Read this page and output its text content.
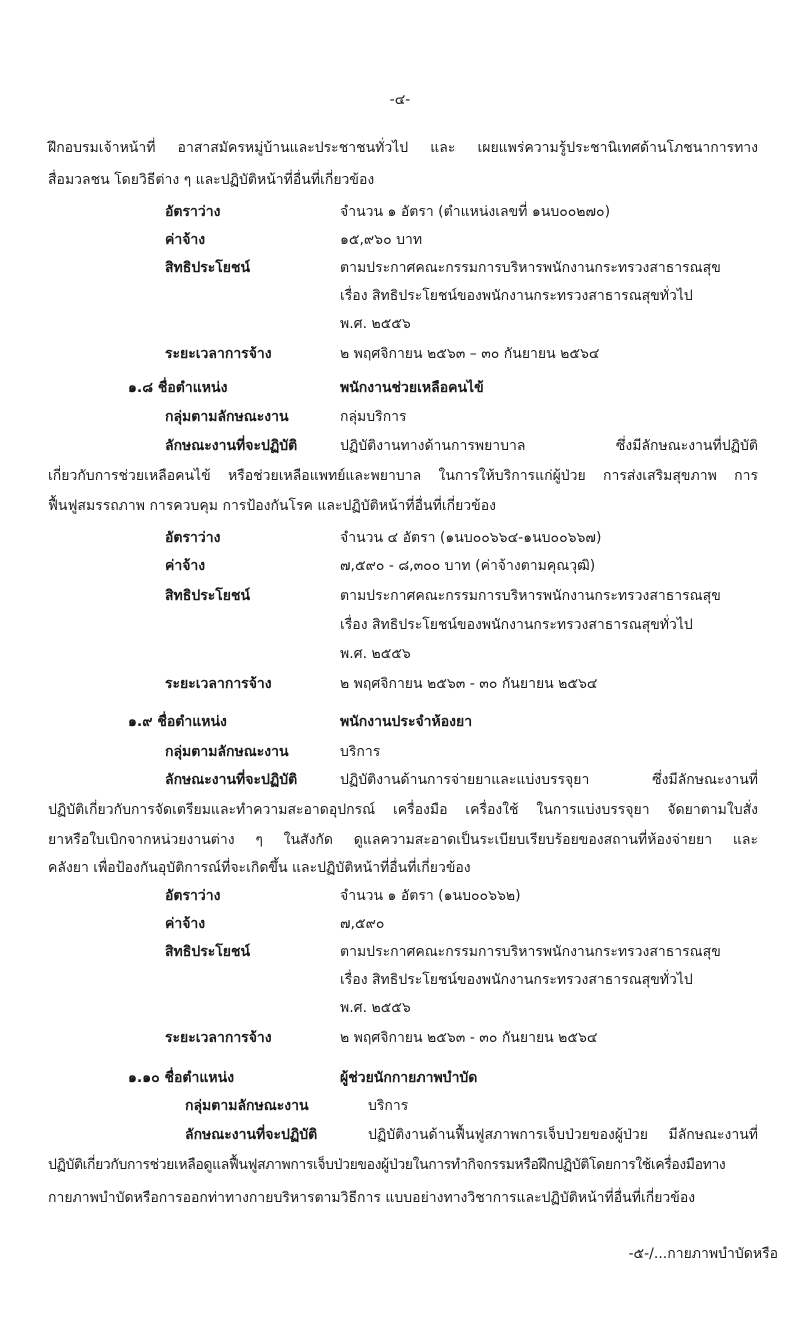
-๔-
ฝึกอบรมเจ้าหน้าที่ อาสาสมัครหมู่บ้านและประชาชนทั่วไป และ เผยแพร่ความรู้ประชานิเทศด้านโภชนาการทาง
สื่อมวลชน โดยวิธีต่าง ๆ และปฏิบัติหน้าที่อื่นที่เกี่ยวข้อง
อัตราว่าง	จำนวน ๑ อัตรา (ตำแหน่งเลขที่ ๑นบ๐๐๒๗๐)
ค่าจ้าง	๑๕,๙๖๐ บาท
สิทธิประโยชน์	ตามประกาศคณะกรรมการบริหารพนักงานกระทรวงสาธารณสุข
เรื่อง สิทธิประโยชน์ของพนักงานกระทรวงสาธารณสุขทั่วไป
พ.ศ. ๒๕๕๖
ระยะเวลาการจ้าง	๒ พฤศจิกายน ๒๕๖๓ – ๓๐ กันยายน ๒๕๖๔
๑.๘ ชื่อตำแหน่ง	พนักงานช่วยเหลือคนไข้
กลุ่มตามลักษณะงาน	กลุ่มบริการ
ลักษณะงานที่จะปฏิบัติ	ปฏิบัติงานทางด้านการพยาบาล ซึ่งมีลักษณะงานที่ปฏิบัติ
เกี่ยวกับการช่วยเหลือคนไข้ หรือช่วยเหลือแพทย์และพยาบาล ในการให้บริการแก่ผู้ป่วย การส่งเสริมสุขภาพ การ
ฟื้นฟูสมรรถภาพ การควบคุม การป้องกันโรค และปฏิบัติหน้าที่อื่นที่เกี่ยวข้อง
อัตราว่าง	จำนวน ๔ อัตรา (๑นบ๐๐๖๖๔-๑นบ๐๐๖๖๗)
ค่าจ้าง	๗,๕๙๐ - ๘,๓๐๐ บาท (ค่าจ้างตามคุณวุฒิ)
สิทธิประโยชน์	ตามประกาศคณะกรรมการบริหารพนักงานกระทรวงสาธารณสุข
เรื่อง สิทธิประโยชน์ของพนักงานกระทรวงสาธารณสุขทั่วไป
พ.ศ. ๒๕๕๖
ระยะเวลาการจ้าง	๒ พฤศจิกายน ๒๕๖๓ - ๓๐ กันยายน ๒๕๖๔
๑.๙ ชื่อตำแหน่ง	พนักงานประจำห้องยา
กลุ่มตามลักษณะงาน	บริการ
ลักษณะงานที่จะปฏิบัติ	ปฏิบัติงานด้านการจ่ายยาและแบ่งบรรจุยา ซึ่งมีลักษณะงานที่
ปฏิบัติเกี่ยวกับการจัดเตรียมและทำความสะอาดอุปกรณ์ เครื่องมือ เครื่องใช้ ในการแบ่งบรรจุยา จัดยาตามใบสั่ง
ยาหรือใบเบิกจากหน่วยงานต่าง ๆ ในสังกัด ดูแลความสะอาดเป็นระเบียบเรียบร้อยของสถานที่ห้องจ่ายยา และ
คลังยา เพื่อป้องกันอุบัติการณ์ที่จะเกิดขึ้น และปฏิบัติหน้าที่อื่นที่เกี่ยวข้อง
อัตราว่าง	จำนวน ๑ อัตรา (๑นบ๐๐๖๖๒)
ค่าจ้าง	๗,๕๙๐
สิทธิประโยชน์	ตามประกาศคณะกรรมการบริหารพนักงานกระทรวงสาธารณสุข
เรื่อง สิทธิประโยชน์ของพนักงานกระทรวงสาธารณสุขทั่วไป
พ.ศ. ๒๕๕๖
ระยะเวลาการจ้าง	๒ พฤศจิกายน ๒๕๖๓ - ๓๐ กันยายน ๒๕๖๔
๑.๑๐ ชื่อตำแหน่ง	ผู้ช่วยนักกายภาพบำบัด
กลุ่มตามลักษณะงาน	บริการ
ลักษณะงานที่จะปฏิบัติ	ปฏิบัติงานด้านฟื้นฟูสภาพการเจ็บป่วยของผู้ป่วย มีลักษณะงานที่
ปฏิบัติเกี่ยวกับการช่วยเหลือดูแลฟื้นฟูสภาพการเจ็บป่วยของผู้ป่วยในการทำกิจกรรมหรือฝึกปฏิบัติโดยการใช้เครื่องมือทาง
กายภาพบำบัดหรือการออกท่าทางกายบริหารตามวิธีการ แบบอย่างทางวิชาการและปฏิบัติหน้าที่อื่นที่เกี่ยวข้อง
-๕-/...กายภาพบำบัดหรือ
